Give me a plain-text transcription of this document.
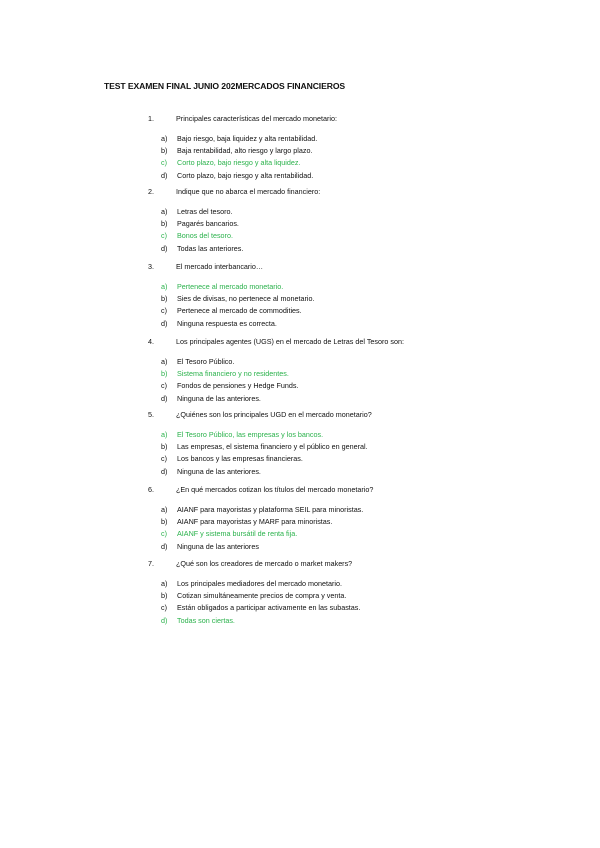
TEST EXAMEN FINAL JUNIO 202MERCADOS FINANCIEROS
1.	Principales características del mercado monetario:
a)	Bajo riesgo, baja liquidez y alta rentabilidad.
b)	Baja rentabilidad, alto riesgo y largo plazo.
c)	Corto plazo, bajo riesgo y alta liquidez.
d)	Corto plazo, bajo riesgo y alta rentabilidad.
2.	Indique que no abarca el mercado financiero:
a)	Letras del tesoro.
b)	Pagarés bancarios.
c)	Bonos del tesoro.
d)	Todas las anteriores.
3.	El mercado interbancario…
a)	Pertenece al mercado monetario.
b)	Sies de divisas, no pertenece al monetario.
c)	Pertenece al mercado de commodities.
d)	Ninguna respuesta es correcta.
4.	Los principales agentes (UGS) en el mercado de Letras del Tesoro son:
a)	El Tesoro Público.
b)	Sistema financiero y no residentes.
c)	Fondos de pensiones y Hedge Funds.
d)	Ninguna de las anteriores.
5.	¿Quiénes son los principales UGD en el mercado monetario?
a)	El Tesoro Público, las empresas y los bancos.
b)	Las empresas, el sistema financiero y el público en general.
c)	Los bancos y las empresas financieras.
d)	Ninguna de las anteriores.
6.	¿En qué mercados cotizan los títulos del mercado monetario?
a)	AIANF para mayoristas y plataforma SEIL para minoristas.
b)	AIANF para mayoristas y MARF para minoristas.
c)	AIANF y sistema bursátil de renta fija.
d)	Ninguna de las anteriores
7.	¿Qué son los creadores de mercado o market makers?
a)	Los principales mediadores del mercado monetario.
b)	Cotizan simultáneamente precios de compra y venta.
c)	Están obligados a participar activamente en las subastas.
d)	Todas son ciertas.
